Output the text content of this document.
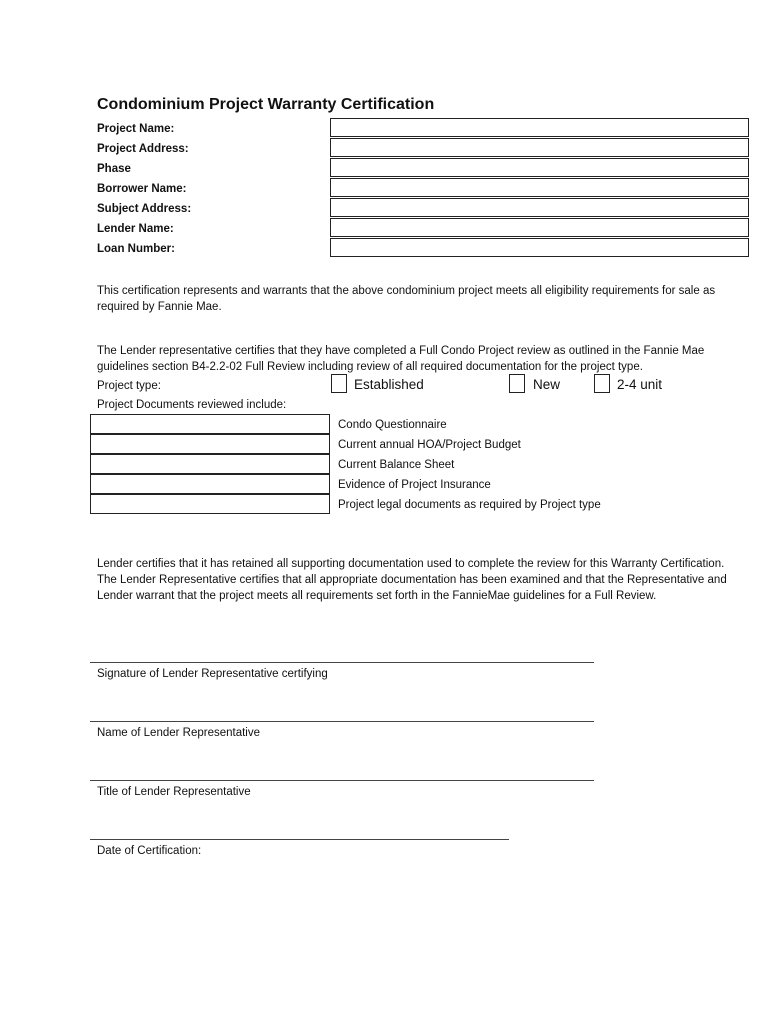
Condominium Project Warranty Certification
Project Name:
Project Address:
Phase
Borrower Name:
Subject Address:
Lender Name:
Loan Number:
This certification represents and warrants that the above condominium project meets all eligibility requirements for sale as required by Fannie Mae.
The Lender representative certifies that they have completed a Full Condo Project review as outlined in the Fannie Mae guidelines section B4-2.2-02 Full Review including review of all required documentation for the project type.
Project type:	Established	New	2-4 unit
Project Documents reviewed include:
Condo Questionnaire
Current annual HOA/Project Budget
Current Balance Sheet
Evidence of Project Insurance
Project legal documents as required by Project type
Lender certifies that it has retained all supporting documentation used to complete the review for this Warranty Certification. The Lender Representative certifies that all appropriate documentation has been examined and that the Representative and Lender warrant that the project meets all requirements set forth in the FannieMae guidelines for a Full Review.
Signature of Lender Representative certifying
Name of Lender Representative
Title of Lender Representative
Date of Certification:
